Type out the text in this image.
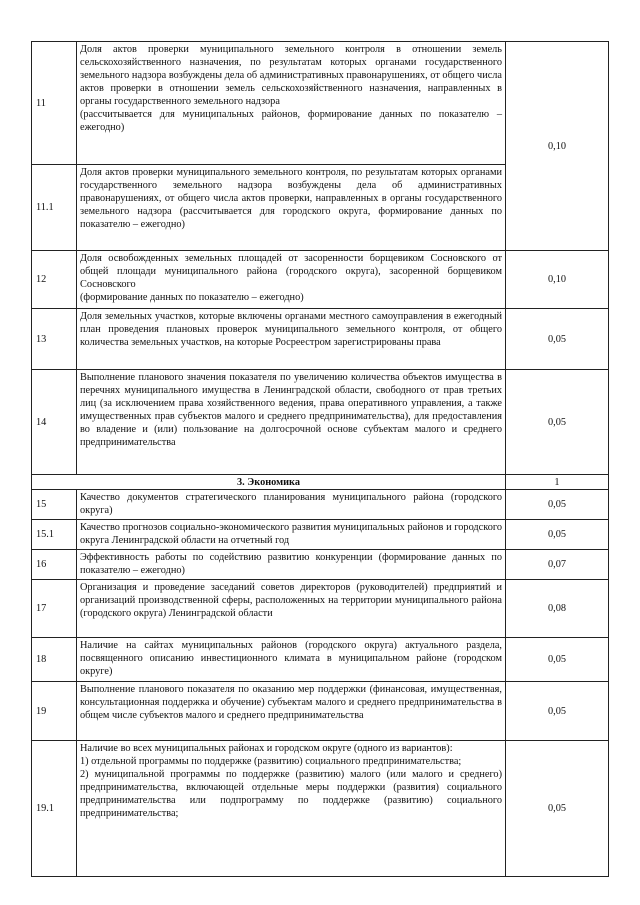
11	Доля актов проверки муниципального земельного контроля в отношении земель сельскохозяйственного назначения, по результатам которых органами государственного земельного надзора возбуждены дела об административных правонарушениях, от общего числа актов проверки в отношении земель сельскохозяйственного назначения, направленных в органы государственного земельного надзора
(рассчитывается для муниципальных районов, формирование данных по показателю – ежегодно)	0,10
11.1	Доля актов проверки муниципального земельного контроля, по результатам которых органами государственного земельного надзора возбуждены дела об административных правонарушениях, от общего числа актов проверки, направленных в органы государственного земельного надзора (рассчитывается для городского округа, формирование данных по показателю – ежегодно)	
12	Доля освобожденных земельных площадей от засоренности борщевиком Сосновского от общей площади муниципального района (городского округа), засоренной борщевиком Сосновского
(формирование данных по показателю – ежегодно)	0,10
13	Доля земельных участков, которые включены органами местного самоуправления в ежегодный план проведения плановых проверок муниципального земельного контроля, от общего количества земельных участков, на которые Росреестром зарегистрированы права	0,05
14	Выполнение планового значения показателя по увеличению количества объектов имущества в перечнях муниципального имущества в Ленинградской области, свободного от прав третьих лиц (за исключением права хозяйственного ведения, права оперативного управления, а также имущественных прав субъектов малого и среднего предпринимательства), для предоставления во владение и (или) пользование на долгосрочной основе субъектам малого и среднего предпринимательства	0,05
3. Экономика		1
15	Качество документов стратегического планирования муниципального района (городского округа)	0,05
15.1	Качество прогнозов социально-экономического развития муниципальных районов и городского округа Ленинградской области на отчетный год	0,05
16	Эффективность работы по содействию развитию конкуренции (формирование данных по показателю – ежегодно)	0,07
17	Организация и проведение заседаний советов директоров (руководителей) предприятий и организаций производственной сферы, расположенных на территории муниципального района (городского округа) Ленинградской области	0,08
18	Наличие на сайтах муниципальных районов (городского округа) актуального раздела, посвященного описанию инвестиционного климата в муниципальном районе (городском округе)	0,05
19	Выполнение планового показателя по оказанию мер поддержки (финансовая, имущественная, консультационная поддержка и обучение) субъектам малого и среднего предпринимательства в общем числе субъектов малого и среднего предпринимательства	0,05
19.1	Наличие во всех муниципальных районах и городском округе (одного из вариантов):
1) отдельной программы по поддержке (развитию) социального предпринимательства;
2) муниципальной программы по поддержке (развитию) малого (или малого и среднего) предпринимательства, включающей отдельные меры поддержки (развития) социального предпринимательства или подпрограмму по поддержке (развитию) социального предпринимательства;	0,05
